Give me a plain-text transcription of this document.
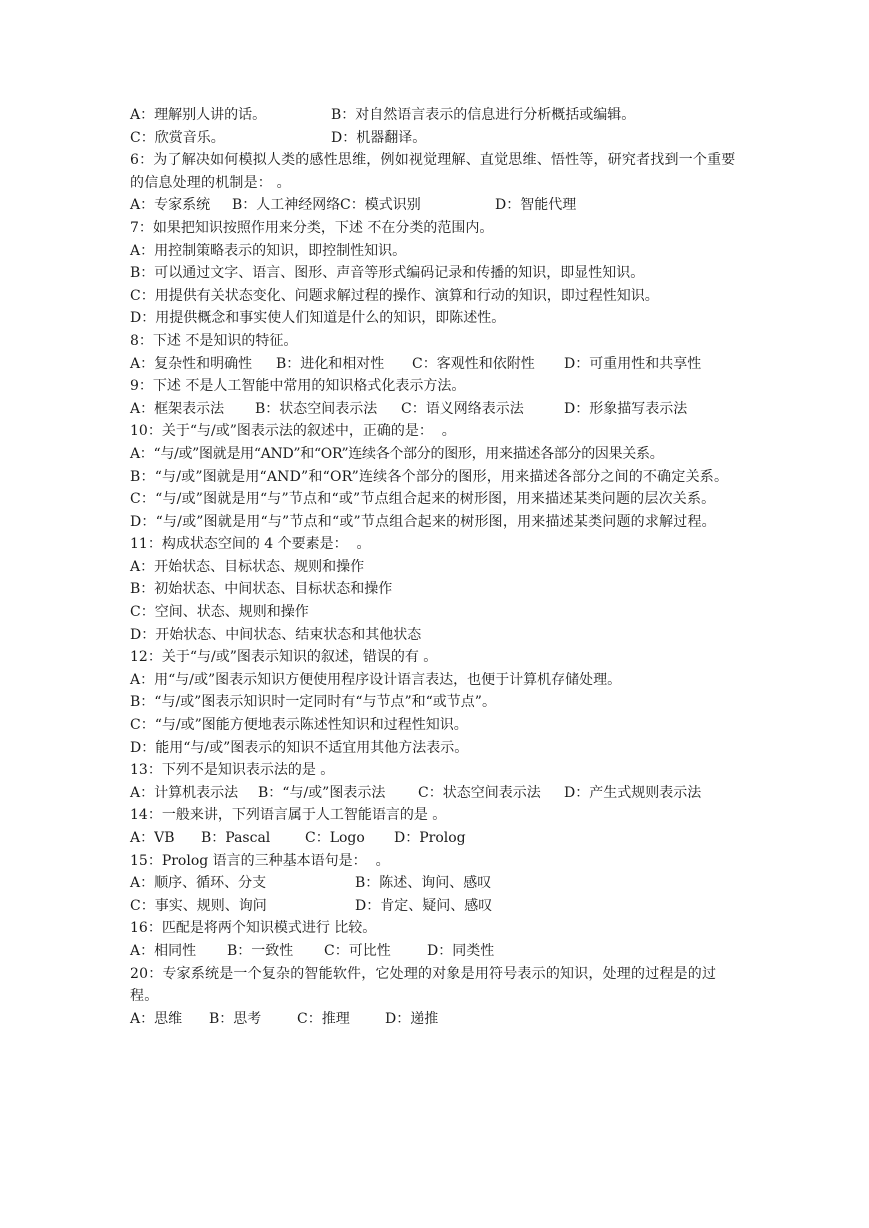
A：理解别人讲的话。	B：对自然语言表示的信息进行分析概括或编辑。
C：欣赏音乐。	D：机器翻译。
6：为了解决如何模拟人类的感性思维，例如视觉理解、直觉思维、悟性等，研究者找到一个重要的信息处理的机制是： 。
A：专家系统 B：人工神经网络C：模式识别	D：智能代理
7：如果把知识按照作用来分类，下述 不在分类的范围内。
A：用控制策略表示的知识，即控制性知识。
B：可以通过文字、语言、图形、声音等形式编码记录和传播的知识，即显性知识。
C：用提供有关状态变化、问题求解过程的操作、演算和行动的知识，即过程性知识。
D：用提供概念和事实使人们知道是什么的知识，即陈述性。
8：下述 不是知识的特征。
A：复杂性和明确性 B：进化和相对性 C：客观性和依附性 D：可重用性和共享性
9：下述 不是人工智能中常用的知识格式化表示方法。
A：框架表示法 B：状态空间表示法 C：语义网络表示法	D：形象描写表示法
10：关于“与/或”图表示法的叙述中，正确的是：  。
A：“与/或”图就是用“AND”和“OR”连续各个部分的图形，用来描述各部分的因果关系。
B：“与/或”图就是用“AND”和“OR”连续各个部分的图形，用来描述各部分之间的不确定关系。
C：“与/或”图就是用“与”节点和“或”节点组合起来的树形图，用来描述某类问题的层次关系。
D：“与/或”图就是用“与”节点和“或”节点组合起来的树形图，用来描述某类问题的求解过程。
11：构成状态空间的 4 个要素是：  。
A：开始状态、目标状态、规则和操作
B：初始状态、中间状态、目标状态和操作
C：空间、状态、规则和操作
D：开始状态、中间状态、结束状态和其他状态
12：关于“与/或”图表示知识的叙述，错误的有 。
A：用“与/或”图表示知识方便使用程序设计语言表达，也便于计算机存储处理。
B：“与/或”图表示知识时一定同时有“与节点”和“或节点”。
C：“与/或”图能方便地表示陈述性知识和过程性知识。
D：能用“与/或”图表示的知识不适宜用其他方法表示。
13：下列不是知识表示法的是 。
A：计算机表示法 B：“与/或”图表示法 C：状态空间表示法 D：产生式规则表示法
14：一般来讲，下列语言属于人工智能语言的是 。
A：VB B：Pascal C：Logo D：Prolog
15：Prolog 语言的三种基本语句是：  。
A：顺序、循环、分支	B：陈述、询问、感叹
C：事实、规则、询问	D：肯定、疑问、感叹
16：匹配是将两个知识模式进行 比较。
A：相同性 B：一致性 C：可比性	D：同类性
20：专家系统是一个复杂的智能软件，它处理的对象是用符号表示的知识，处理的过程是的过程。
A：思维 B：思考	C：推理	D：递推
